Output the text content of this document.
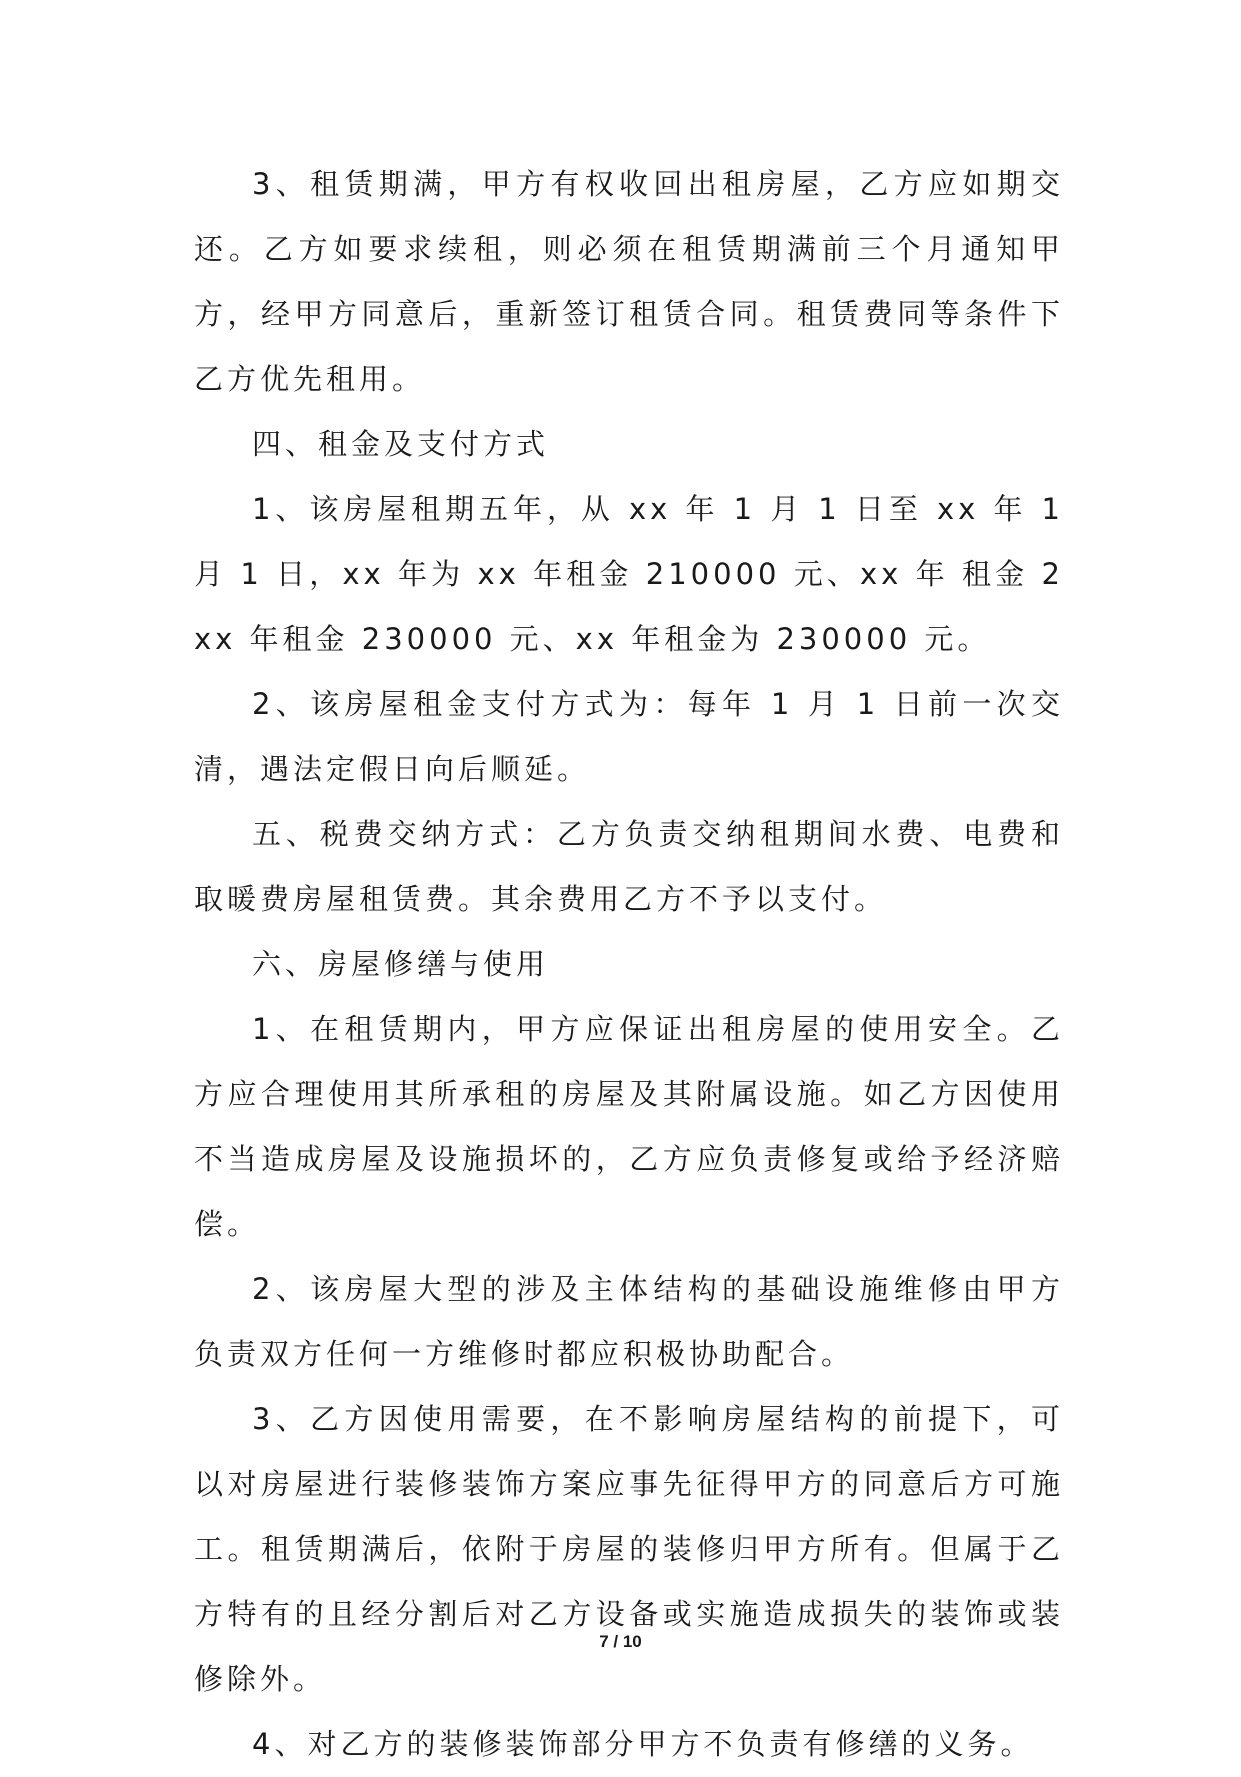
3、租赁期满，甲方有权收回出租房屋，乙方应如期交还。乙方如要求续租，则必须在租赁期满前三个月通知甲方，经甲方同意后，重新签订租赁合同。租赁费同等条件下乙方优先租用。

四、租金及支付方式

1、该房屋租期五年，从 xx 年 1 月 1 日至 xx 年 1 月 1 日，xx 年为 xx 年租金 210000 元、xx 年 租金 2xx 年租金 230000 元、xx 年租金为 230000 元。

2、该房屋租金支付方式为：每年 1 月 1 日前一次交清，遇法定假日向后顺延。

五、税费交纳方式：乙方负责交纳租期间水费、电费和取暖费房屋租赁费。其余费用乙方不予以支付。

六、房屋修缮与使用

1、在租赁期内，甲方应保证出租房屋的使用安全。乙方应合理使用其所承租的房屋及其附属设施。如乙方因使用不当造成房屋及设施损坏的，乙方应负责修复或给予经济赔偿。

2、该房屋大型的涉及主体结构的基础设施维修由甲方负责双方任何一方维修时都应积极协助配合。

3、乙方因使用需要，在不影响房屋结构的前提下，可以对房屋进行装修装饰方案应事先征得甲方的同意后方可施工。租赁期满后，依附于房屋的装修归甲方所有。但属于乙方特有的且经分割后对乙方设备或实施造成损失的装饰或装修除外。

4、对乙方的装修装饰部分甲方不负责有修缮的义务。

7 / 10
